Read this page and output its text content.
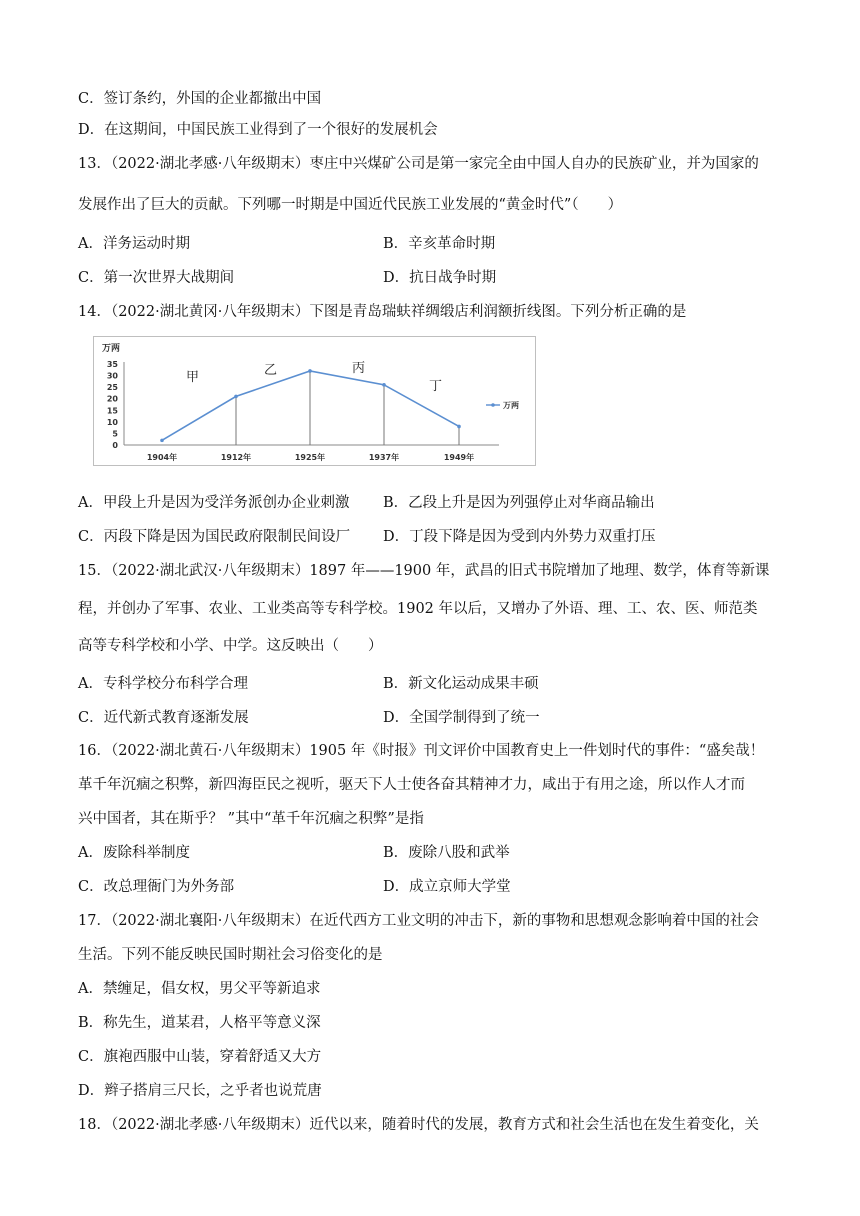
C．签订条约，外国的企业都撤出中国
D．在这期间，中国民族工业得到了一个很好的发展机会
13．（2022·湖北孝感·八年级期末）枣庄中兴煤矿公司是第一家完全由中国人自办的民族矿业，并为国家的
发展作出了巨大的贡献。下列哪一时期是中国近代民族工业发展的“黄金时代”（　　）
A．洋务运动时期	B．辛亥革命时期
C．第一次世界大战期间	D．抗日战争时期
14．（2022·湖北黄冈·八年级期末）下图是青岛瑞蚨祥绸缎店利润额折线图。下列分析正确的是
万两
0
5
10
15
20
25
30
35
1904年	1912年	1925年	1937年	1949年
甲	乙	丙
丁
万两
A．甲段上升是因为受洋务派创办企业刺激 B．乙段上升是因为列强停止对华商品输出
C．丙段下降是因为国民政府限制民间设厂 D．丁段下降是因为受到内外势力双重打压
15．（2022·湖北武汉·八年级期末）1897 年——1900 年，武昌的旧式书院增加了地理、数学，体育等新课
程，并创办了军事、农业、工业类高等专科学校。1902 年以后，又增办了外语、理、工、农、医、师范类
高等专科学校和小学、中学。这反映出（　　）
A．专科学校分布科学合理	B．新文化运动成果丰硕
C．近代新式教育逐渐发展	D．全国学制得到了统一
16．（2022·湖北黄石·八年级期末）1905 年《时报》刊文评价中国教育史上一件划时代的事件：“盛矣哉！
革千年沉痼之积弊，新四海臣民之视听，驱天下人士使各奋其精神才力，咸出于有用之途，所以作人才而
兴中国者，其在斯乎？ ”其中“革千年沉痼之积弊”是指
A．废除科举制度	B．废除八股和武举
C．改总理衙门为外务部	D．成立京师大学堂
17．（2022·湖北襄阳·八年级期末）在近代西方工业文明的冲击下，新的事物和思想观念影响着中国的社会
生活。下列不能反映民国时期社会习俗变化的是
A．禁缠足，倡女权，男父平等新追求
B．称先生，道某君，人格平等意义深
C．旗袍西服中山装，穿着舒适又大方
D．辫子搭肩三尺长，之乎者也说荒唐
18．（2022·湖北孝感·八年级期末）近代以来，随着时代的发展，教育方式和社会生活也在发生着变化，关
